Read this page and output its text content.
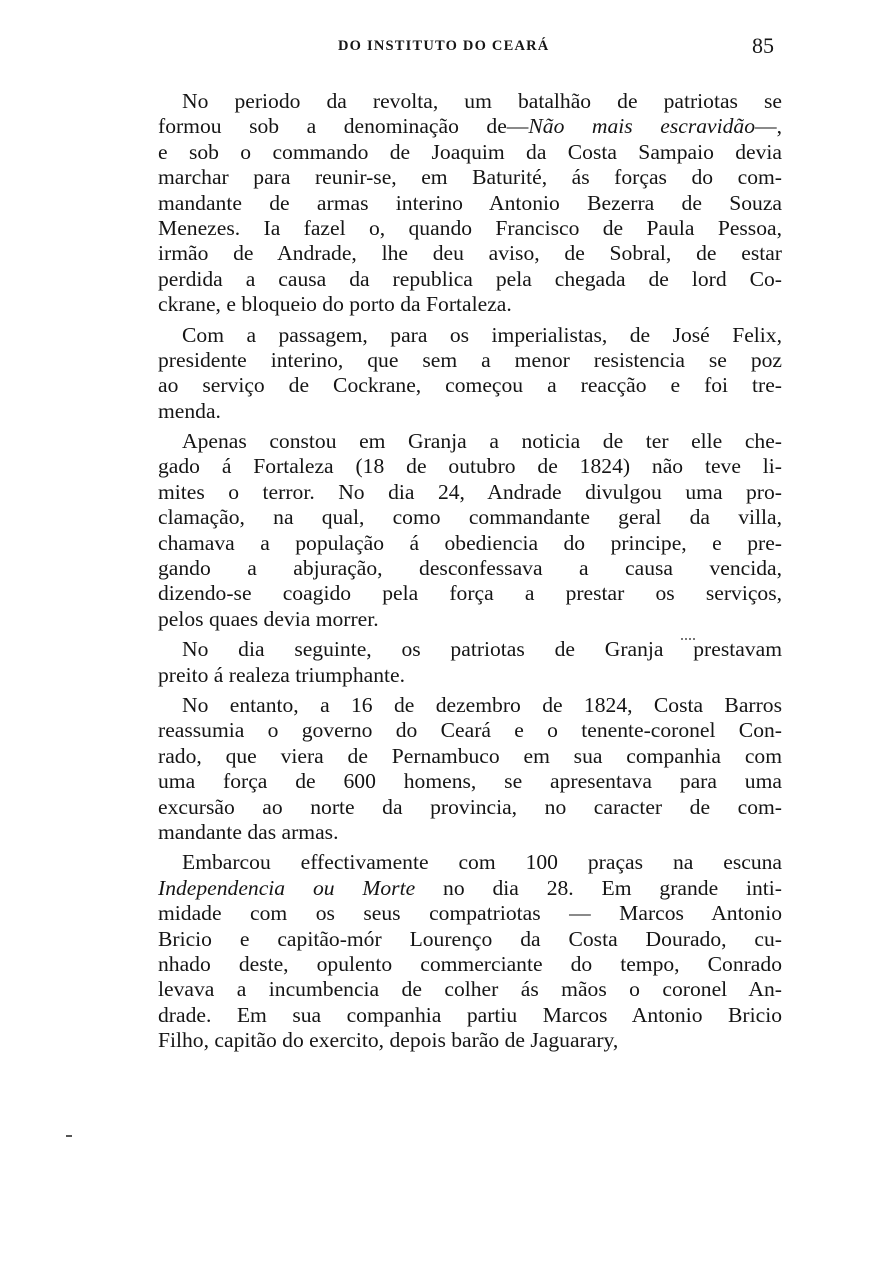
DO INSTITUTO DO CEARÁ	85
No periodo da revolta, um batalhão de patriotas se
formou sob a denominação de—Não mais escravidão—,
e sob o commando de Joaquim da Costa Sampaio devia
marchar para reunir-se, em Baturité, ás forças do com-
mandante de armas interino Antonio Bezerra de Souza
Menezes. Ia fazel o, quando Francisco de Paula Pessoa,
irmão de Andrade, lhe deu aviso, de Sobral, de estar
perdida a causa da republica pela chegada de lord Co-
ckrane, e bloqueio do porto da Fortaleza.
Com a passagem, para os imperialistas, de José Felix,
presidente interino, que sem a menor resistencia se poz
ao serviço de Cockrane, começou a reacção e foi tre-
menda.
Apenas constou em Granja a noticia de ter elle che-
gado á Fortaleza (18 de outubro de 1824) não teve li-
mites o terror. No dia 24, Andrade divulgou uma pro-
clamação, na qual, como commandante geral da villa,
chamava a população á obediencia do principe, e pre-
gando a abjuração, desconfessava a causa vencida,
dizendo-se coagido pela força a prestar os serviços,
pelos quaes devia morrer.
No dia seguinte, os patriotas de Granja prestavam
preito á realeza triumphante.
No entanto, a 16 de dezembro de 1824, Costa Barros
reassumia o governo do Ceará e o tenente-coronel Con-
rado, que viera de Pernambuco em sua companhia com
uma força de 600 homens, se apresentava para uma
excursão ao norte da provincia, no caracter de com-
mandante das armas.
Embarcou effectivamente com 100 praças na escuna
Independencia ou Morte no dia 28. Em grande inti-
midade com os seus compatriotas — Marcos Antonio
Bricio e capitão-mór Lourenço da Costa Dourado, cu-
nhado deste, opulento commerciante do tempo, Conrado
levava a incumbencia de colher ás mãos o coronel An-
drade. Em sua companhia partiu Marcos Antonio Bricio
Filho, capitão do exercito, depois barão de Jaguarary,
